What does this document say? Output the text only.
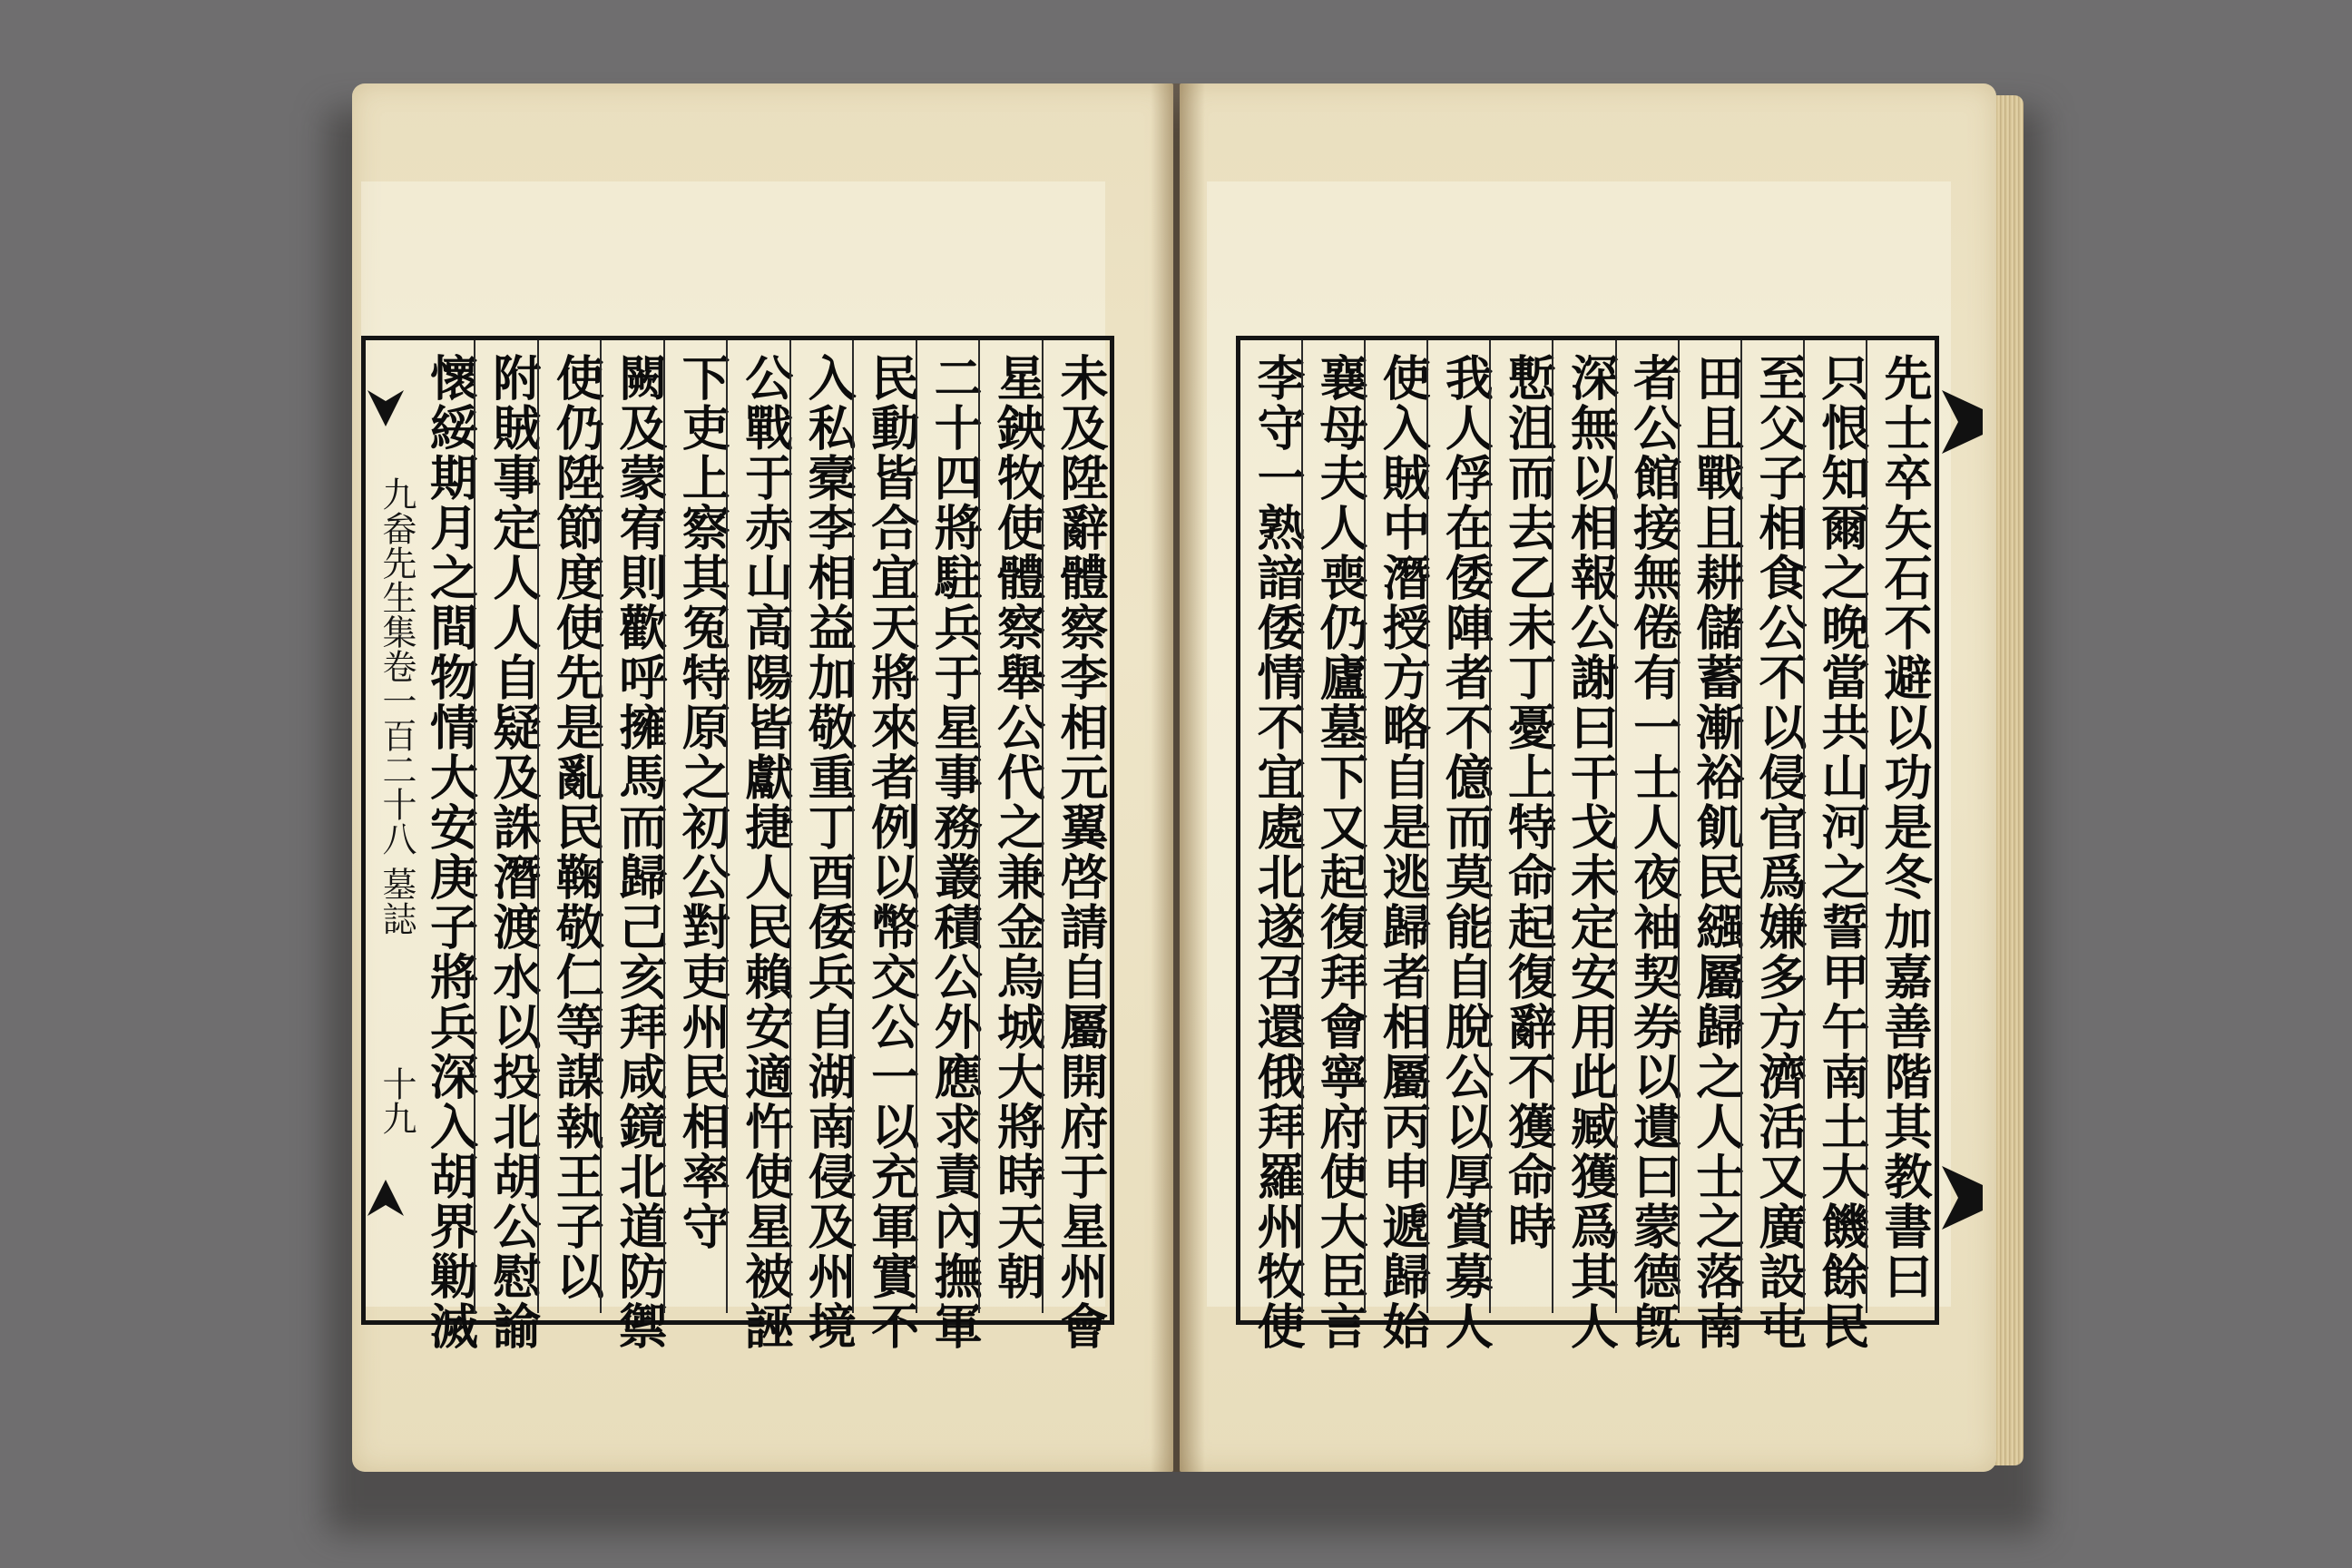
九畚先生集卷一百二十八
墓誌
十九	未及陞辭體察李相元翼啓請自屬開府于星州會
星鉠牧使體察舉公代之兼金烏城大將時天朝
二十四將駐兵于星事務叢積公外應求責內撫軍
民動皆合宜天將來者例以幣交公一以充軍實不
入私槖李相益加敬重丁酉倭兵自湖南侵及州境
公戰于赤山高陽皆獻捷人民賴安適忤使星被誣
下吏上察其冤特原之初公對吏州民相率守
闕及蒙宥則歡呼擁馬而歸己亥拜咸鏡北道防禦
使仍陞節度使先是亂民鞠敬仁等謀執王子以
附賊事定人人自疑及誅潛渡水以投北胡公慰諭
懷綏期月之間物情大安庚子將兵深入胡界勦滅	先士卒矢石不避以功是冬加嘉善階其教書曰
只恨知爾之晚當共山河之誓甲午南土大饑餘民
至父子相食公不以侵官爲嫌多方濟活又廣設屯
田且戰且耕儲蓄漸裕飢民繦屬歸之人士之落南
者公館接無倦有一士人夜袖契券以遺曰蒙德旣
深無以相報公謝曰干戈未定安用此臧獲爲其人
慙沮而去乙未丁憂上特命起復辭不獲命時
我人俘在倭陣者不億而莫能自脫公以厚賞募人
使入賊中潛授方略自是逃歸者相屬丙申遞歸始
襄母夫人喪仍廬墓下又起復拜會寧府使大臣言
李守一熟諳倭情不宜處北遂召還俄拜羅州牧使
